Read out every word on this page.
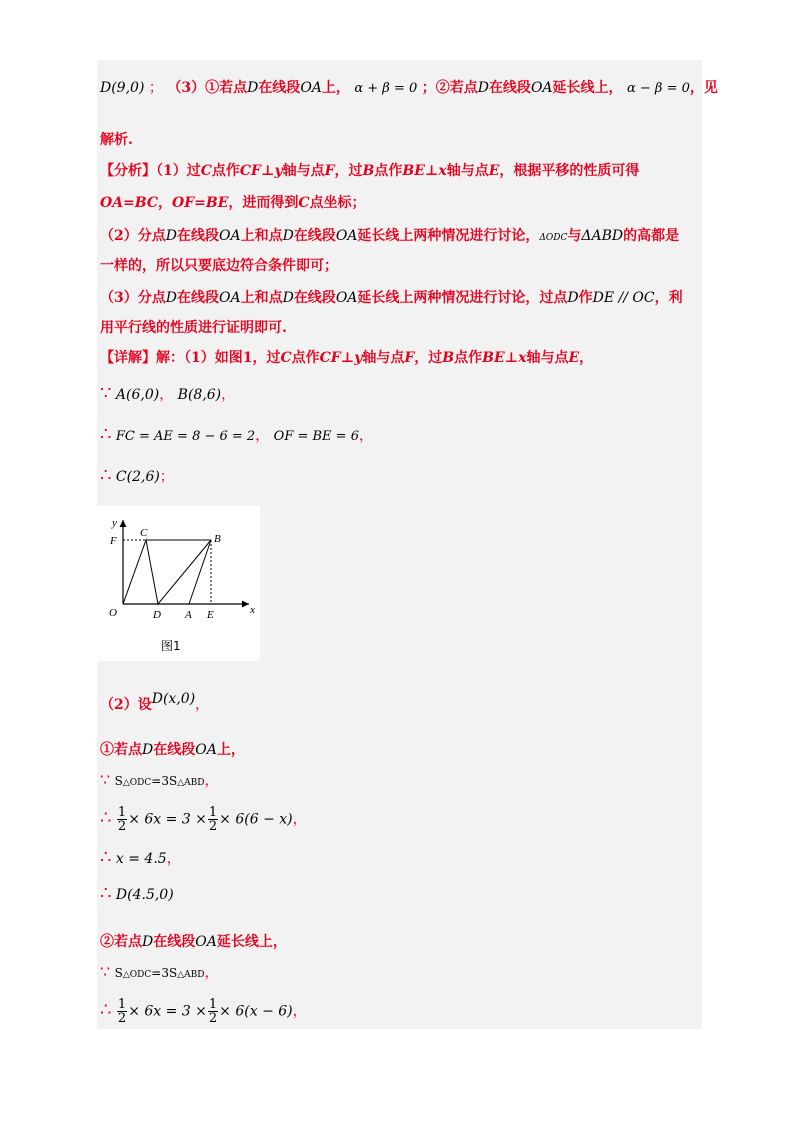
D(9,0) ； （3）①若点D在线段OA上， α + β = 0 ；②若点D在线段OA延长线上， α − β = 0，见
解析.
【分析】（1）过C点作CF⊥y轴与点F，过B点作BE⊥x轴与点E，根据平移的性质可得
OA=BC，OF=BE，进而得到C点坐标；
（2）分点D在线段OA上和点D在线段OA延长线上两种情况进行讨论，ΔODC与ΔABD的高都是
一样的，所以只要底边符合条件即可；
（3）分点D在线段OA上和点D在线段OA延长线上两种情况进行讨论，过点D作DE // OC，利
用平行线的性质进行证明即可.
【详解】解：（1）如图1，过C点作CF⊥y轴与点F，过B点作BE⊥x轴与点E，
∵ A(6,0)， B(8,6)，
∴ FC = AE = 8 − 6 = 2， OF = BE = 6，
∴ C(2,6)；
y
x
C
F	B
O	D A E
图1
（2）设D(x,0)，
①若点D在线段OA上，
∵ S△ODC=3S△ABD，
∴ $\frac{1}{2} \times 6x = 3 \times \frac{1}{2} \times 6(6 - x)$，
∴ x = 4.5，
∴ D(4.5,0)
②若点D在线段OA延长线上，
∵ S△ODC=3S△ABD，
∴ $\frac{1}{2} \times 6x = 3 \times \frac{1}{2} \times 6(x - 6)$，
